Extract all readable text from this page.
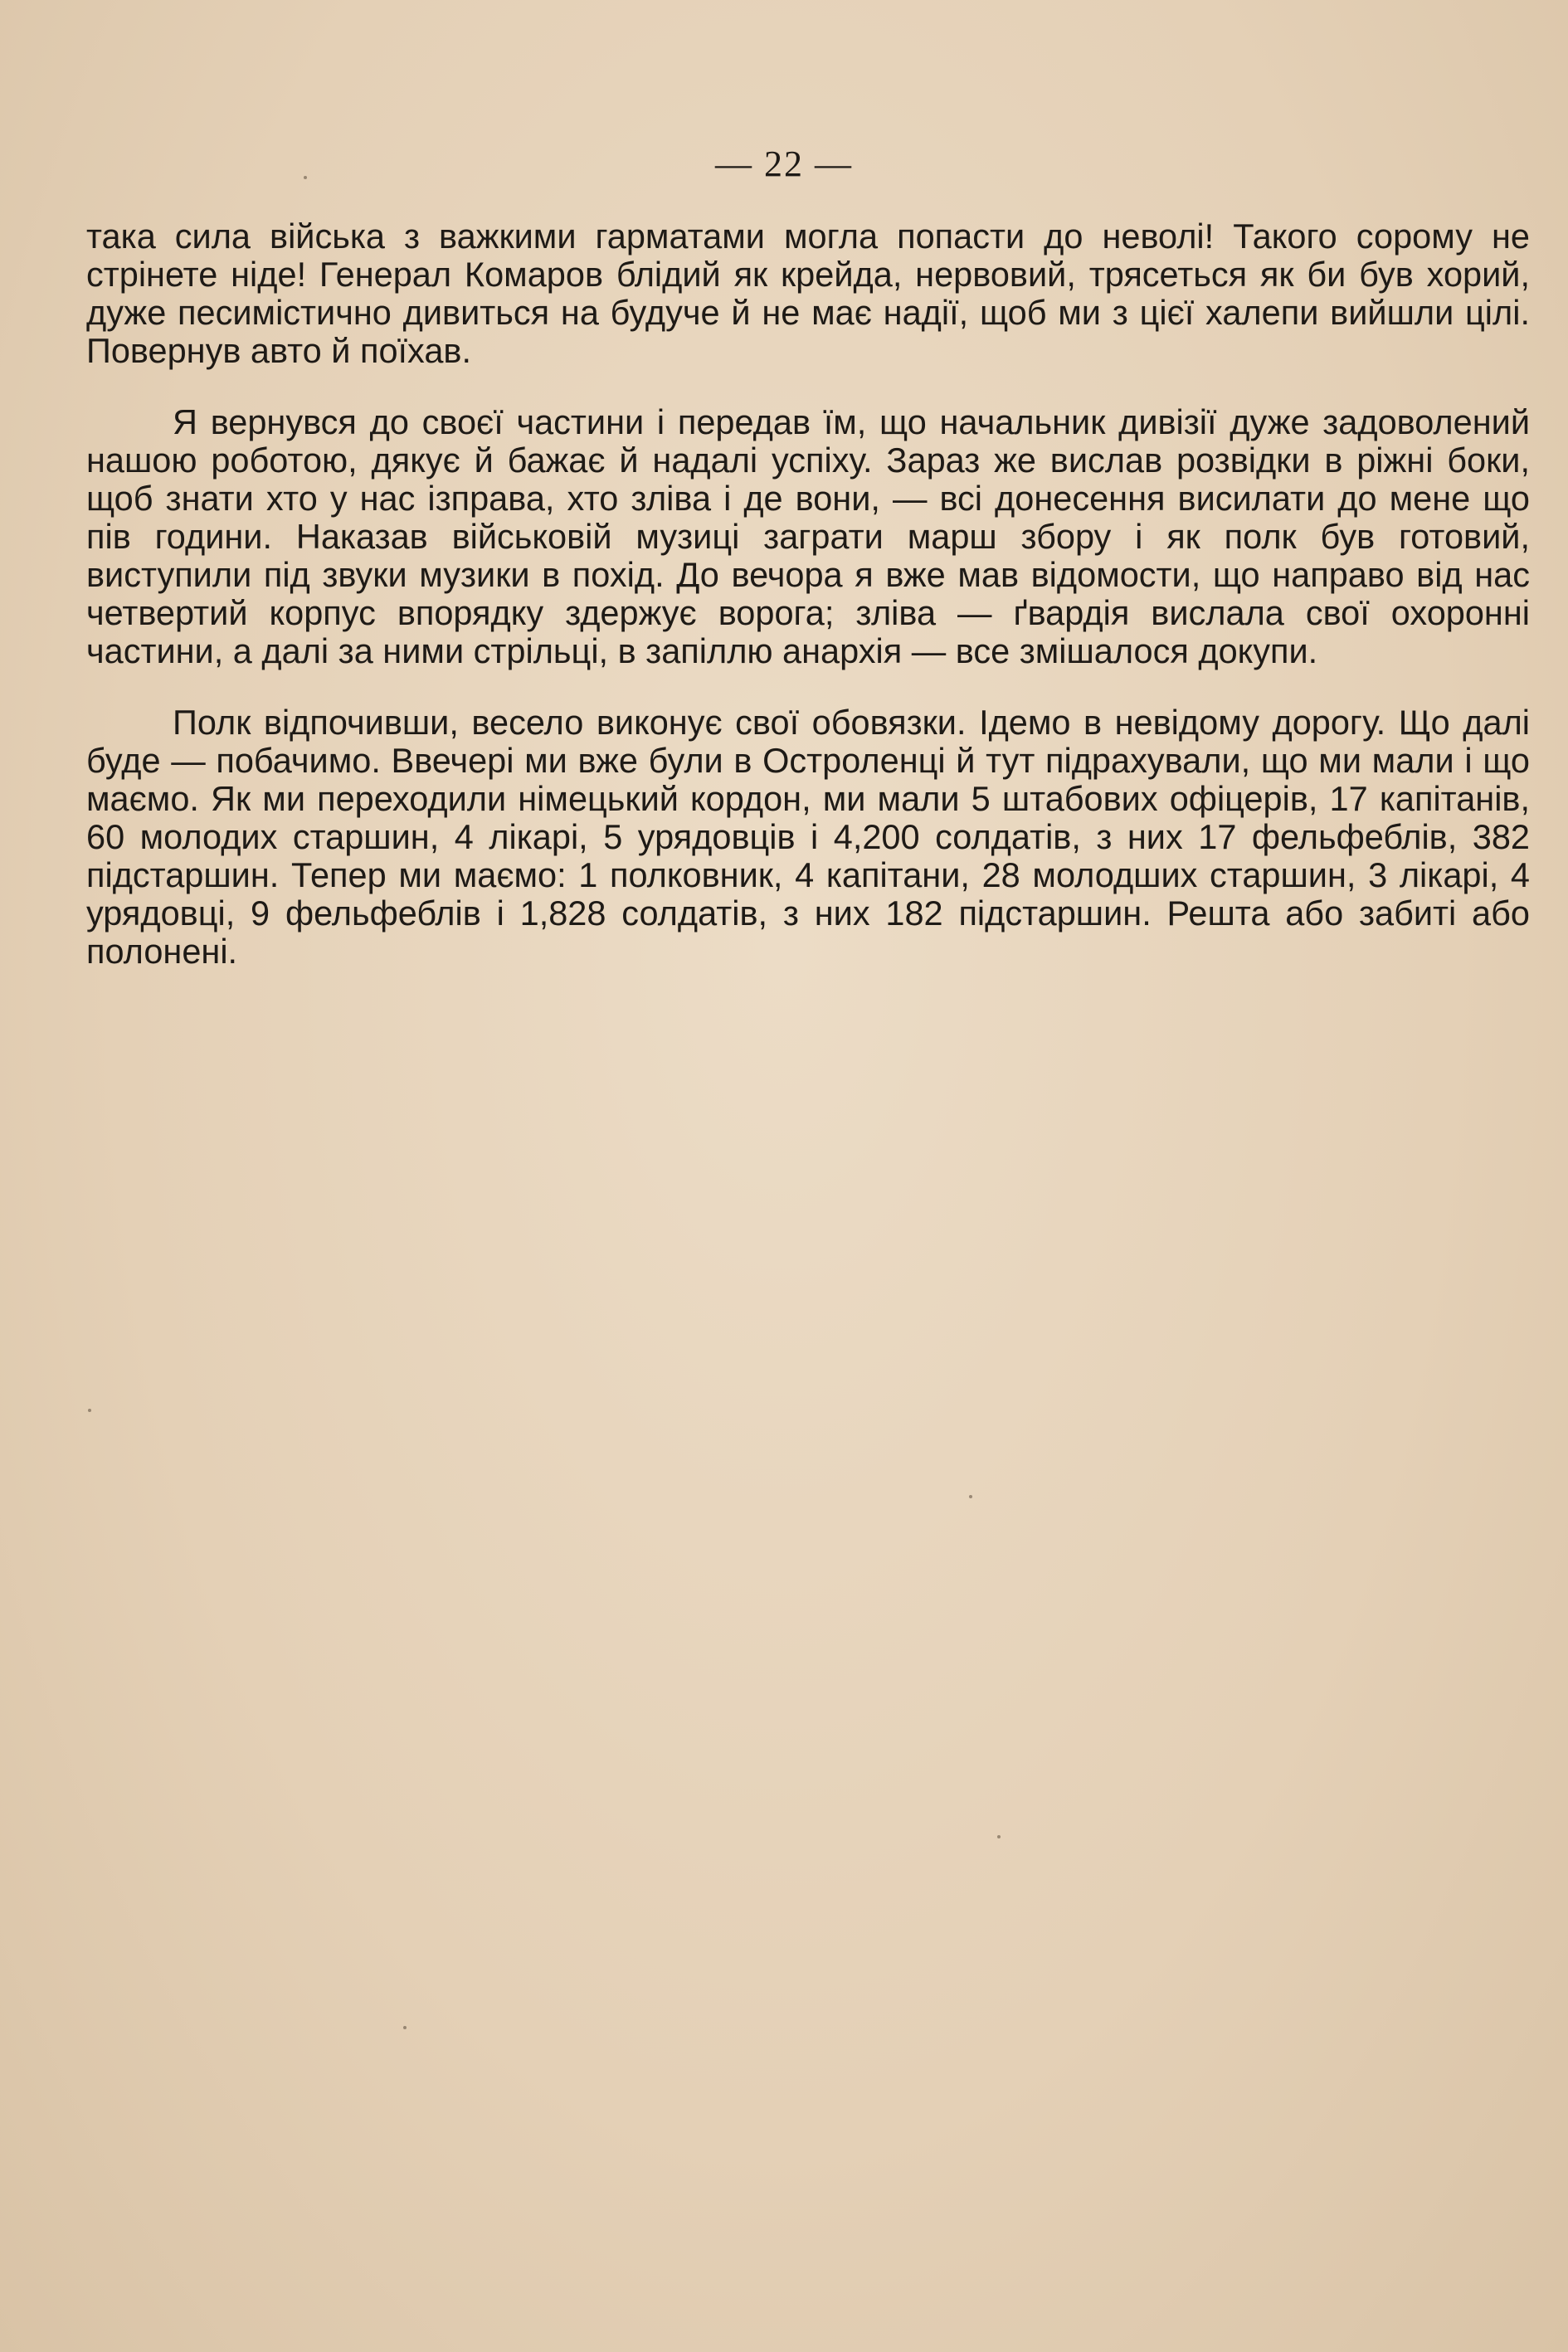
— 22 —

така сила війська з важкими гарматами могла попасти до неволі! Такого сорому не стрінете ніде! Генерал Комаров блідий як крейда, нервовий, трясеться як би був хорий, дуже песимістично дивиться на будуче й не має надії, щоб ми з цієї халепи вийшли цілі. Повернув авто й поїхав.

Я вернувся до своєї частини і передав їм, що начальник дивізії дуже задоволений нашою роботою, дякує й бажає й надалі успіху. Зараз же вислав розвідки в ріжні боки, щоб знати хто у нас ізправа, хто зліва і де вони, — всі донесення висилати до мене що пів години. Наказав військовій музиці заграти марш збору і як полк був готовий, виступили під звуки музики в похід. До вечора я вже мав відомости, що направо від нас четвертий корпус впорядку здержує ворога; зліва — ґвардія вислала свої охоронні частини, а далі за ними стрільці, в запіллю анархія — все змішалося докупи.

Полк відпочивши, весело виконує свої обовязки. Ідемо в невідому дорогу. Що далі буде — побачимо. Ввечері ми вже були в Остроленці й тут підрахували, що ми мали і що маємо. Як ми переходили німецький кордон, ми мали 5 штабових офіцерів, 17 капітанів, 60 молодих старшин, 4 лікарі, 5 урядовців і 4,200 солдатів, з них 17 фельфеблів, 382 підстаршин. Тепер ми маємо: 1 полковник, 4 капітани, 28 молодших старшин, 3 лікарі, 4 урядовці, 9 фельфеблів і 1,828 солдатів, з них 182 підстаршин. Решта або забиті або полонені.
